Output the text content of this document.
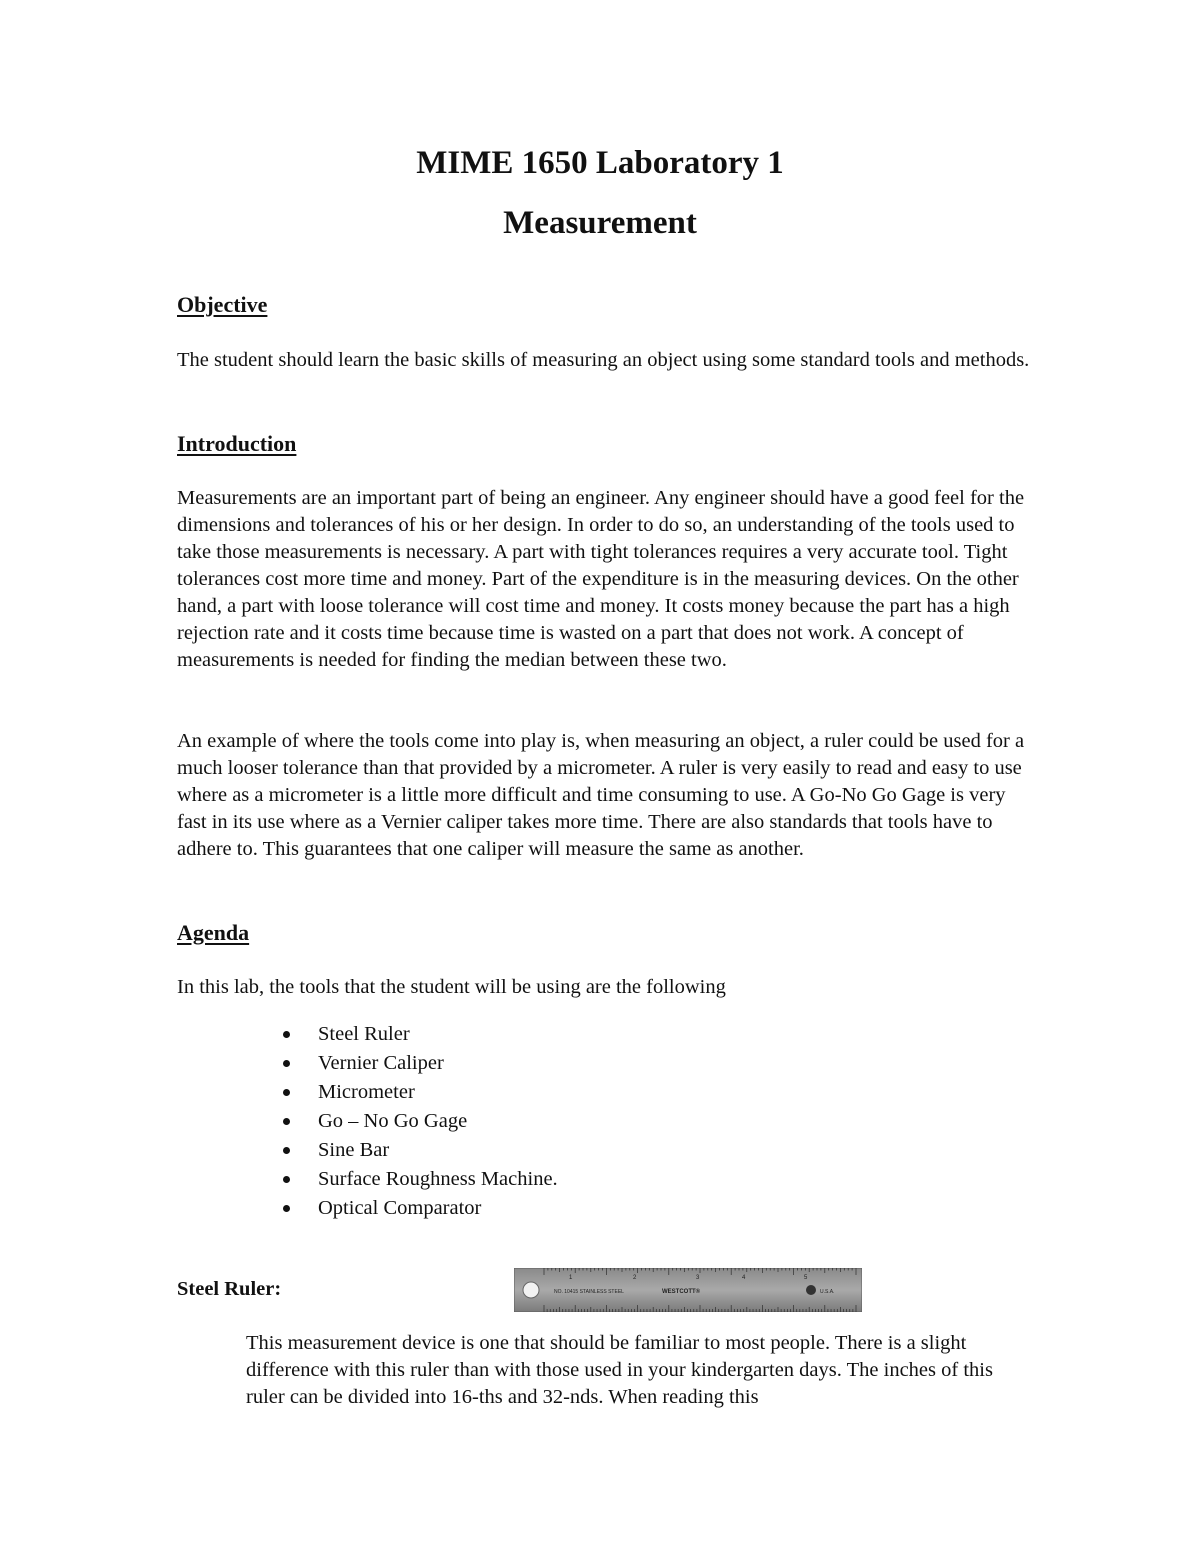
MIME 1650 Laboratory 1
Measurement
Objective

The student should learn the basic skills of measuring an object using some standard tools and methods.

Introduction

Measurements are an important part of being an engineer. Any engineer should have a good feel for the dimensions and tolerances of his or her design. In order to do so, an understanding of the tools used to take those measurements is necessary. A part with tight tolerances requires a very accurate tool. Tight tolerances cost more time and money. Part of the expenditure is in the measuring devices. On the other hand, a part with loose tolerance will cost time and money. It costs money because the part has a high rejection rate and it costs time because time is wasted on a part that does not work. A concept of measurements is needed for finding the median between these two.

An example of where the tools come into play is, when measuring an object, a ruler could be used for a much looser tolerance than that provided by a micrometer. A ruler is very easily to read and easy to use where as a micrometer is a little more difficult and time consuming to use. A Go-No Go Gage is very fast in its use where as a Vernier caliper takes more time. There are also standards that tools have to adhere to. This guarantees that one caliper will measure the same as another.

Agenda

In this lab, the tools that the student will be using are the following

Steel Ruler
Vernier Caliper
Micrometer
Go – No Go Gage
Sine Bar
Surface Roughness Machine.
Optical Comparator
Steel Ruler:	1	2	3	4	5
NO. 10415 STAINLESS STEEL	WESTCOTT®	U.S.A.

This measurement device is one that should be familiar to most people. There is a slight difference with this ruler than with those used in your kindergarten days. The inches of this ruler can be divided into 16-ths and 32-nds. When reading this
